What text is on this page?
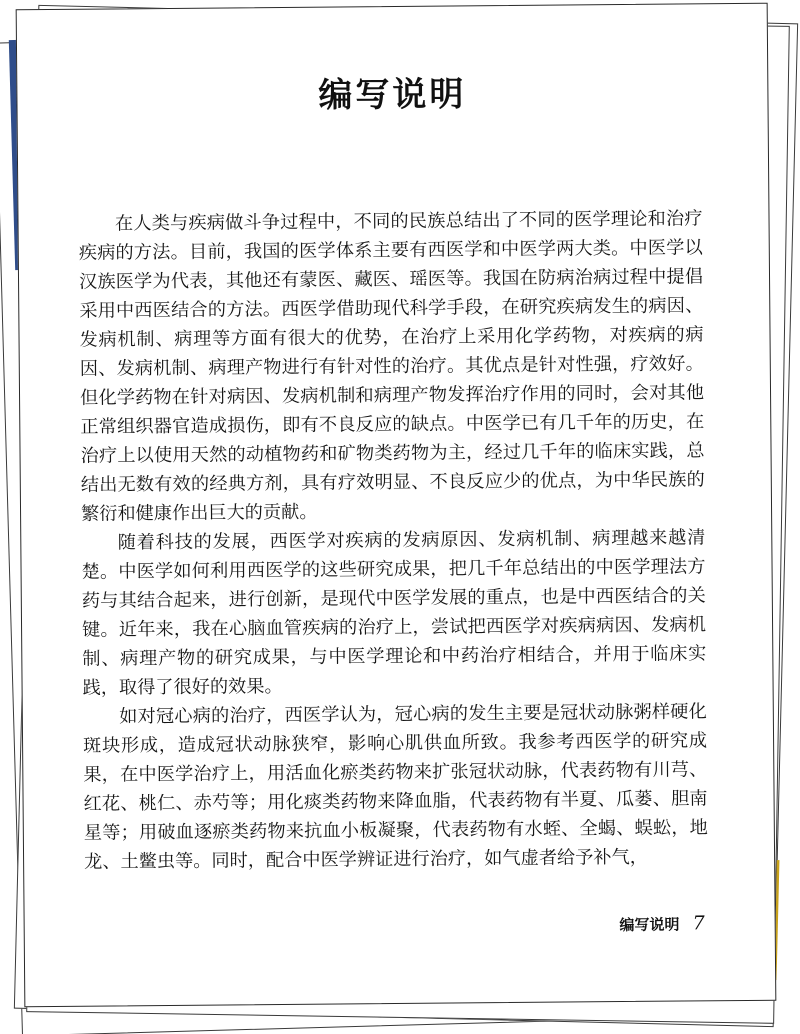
编写说明

在人类与疾病做斗争过程中，不同的民族总结出了不同的医学理论和治疗疾病的方法。目前，我国的医学体系主要有西医学和中医学两大类。中医学以汉族医学为代表，其他还有蒙医、藏医、瑶医等。我国在防病治病过程中提倡采用中西医结合的方法。西医学借助现代科学手段，在研究疾病发生的病因、发病机制、病理等方面有很大的优势，在治疗上采用化学药物，对疾病的病因、发病机制、病理产物进行有针对性的治疗。其优点是针对性强，疗效好。但化学药物在针对病因、发病机制和病理产物发挥治疗作用的同时，会对其他正常组织器官造成损伤，即有不良反应的缺点。中医学已有几千年的历史，在治疗上以使用天然的动植物药和矿物类药物为主，经过几千年的临床实践，总结出无数有效的经典方剂，具有疗效明显、不良反应少的优点，为中华民族的繁衍和健康作出巨大的贡献。

随着科技的发展，西医学对疾病的发病原因、发病机制、病理越来越清楚。中医学如何利用西医学的这些研究成果，把几千年总结出的中医学理法方药与其结合起来，进行创新，是现代中医学发展的重点，也是中西医结合的关键。近年来，我在心脑血管疾病的治疗上，尝试把西医学对疾病病因、发病机制、病理产物的研究成果，与中医学理论和中药治疗相结合，并用于临床实践，取得了很好的效果。

如对冠心病的治疗，西医学认为，冠心病的发生主要是冠状动脉粥样硬化斑块形成，造成冠状动脉狭窄，影响心肌供血所致。我参考西医学的研究成果，在中医学治疗上，用活血化瘀类药物来扩张冠状动脉，代表药物有川芎、红花、桃仁、赤芍等；用化痰类药物来降血脂，代表药物有半夏、瓜蒌、胆南星等；用破血逐瘀类药物来抗血小板凝聚，代表药物有水蛭、全蝎、蜈蚣，地龙、土鳖虫等。同时，配合中医学辨证进行治疗，如气虚者给予补气，

编写说明 7
